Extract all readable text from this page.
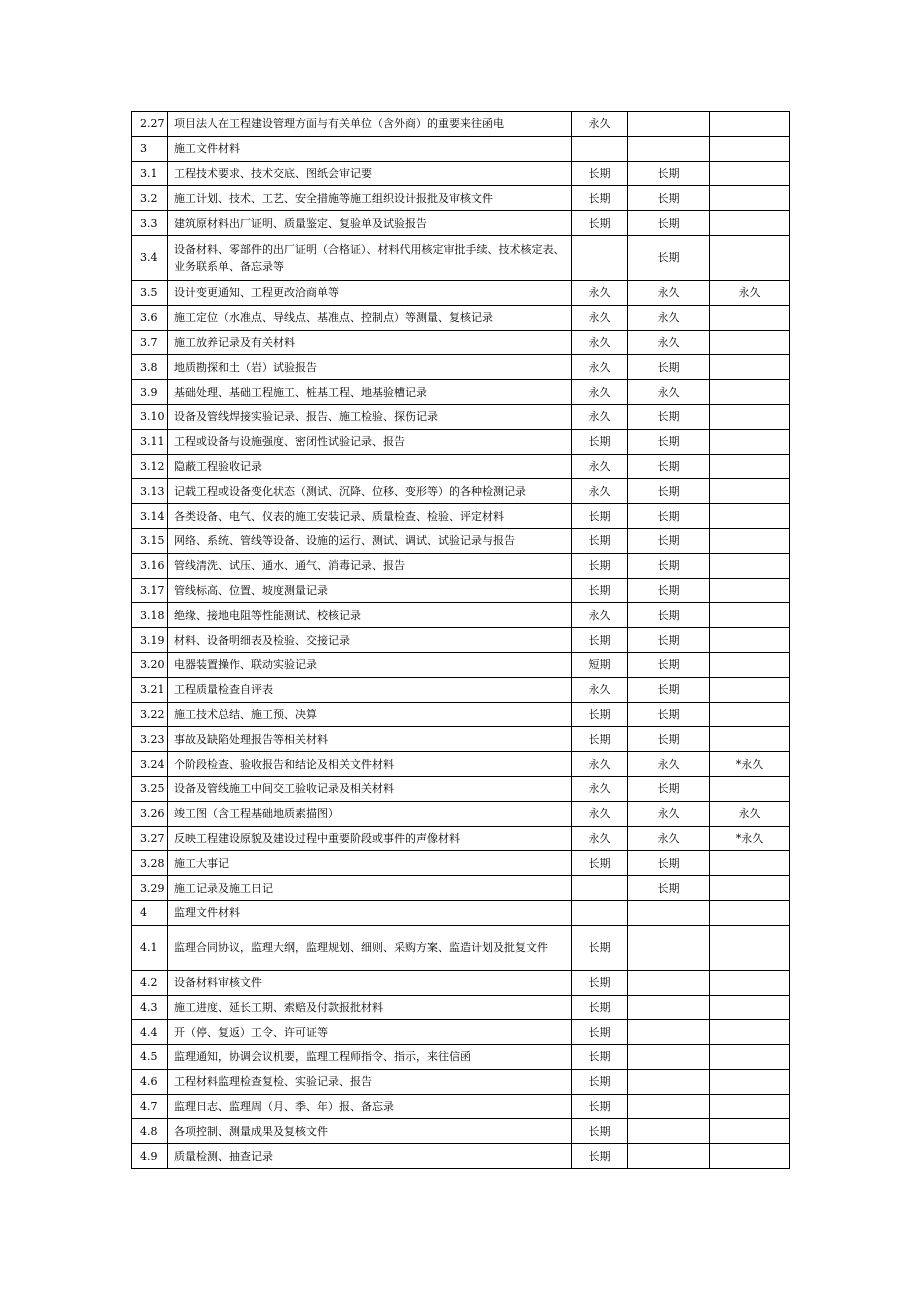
2.27	项目法人在工程建设管理方面与有关单位（含外商）的重要来往函电	永久		
3	施工文件材料			
3.1	工程技术要求、技术交底、图纸会审记要	长期	长期	
3.2	施工计划、技术、工艺、安全措施等施工组织设计报批及审核文件	长期	长期	
3.3	建筑原材料出厂证明、质量鉴定、复验单及试验报告	长期	长期	
3.4	设备材料、零部件的出厂证明（合格证）、材料代用核定审批手续、技术核定表、业务联系单、备忘录等		长期	
3.5	设计变更通知、工程更改洽商单等	永久	永久	永久
3.6	施工定位（水准点、导线点、基准点、控制点）等测量、复核记录	永久	永久	
3.7	施工放养记录及有关材料	永久	永久	
3.8	地质勘探和土（岩）试验报告	永久	长期	
3.9	基础处理、基础工程施工、桩基工程、地基验槽记录	永久	永久	
3.10	设备及管线焊接实验记录、报告、施工检验、探伤记录	永久	长期	
3.11	工程或设备与设施强度、密闭性试验记录、报告	长期	长期	
3.12	隐蔽工程验收记录	永久	长期	
3.13	记载工程或设备变化状态（测试、沉降、位移、变形等）的各种检测记录	永久	长期	
3.14	各类设备、电气、仪表的施工安装记录、质量检查、检验、评定材料	长期	长期	
3.15	网络、系统、管线等设备、设施的运行、测试、调试、试验记录与报告	长期	长期	
3.16	管线清洗、试压、通水、通气、消毒记录、报告	长期	长期	
3.17	管线标高、位置、坡度测量记录	长期	长期	
3.18	绝缘、接地电阻等性能测试、校核记录	永久	长期	
3.19	材料、设备明细表及检验、交接记录	长期	长期	
3.20	电器装置操作、联动实验记录	短期	长期	
3.21	工程质量检查自评表	永久	长期	
3.22	施工技术总结、施工预、决算	长期	长期	
3.23	事故及缺陷处理报告等相关材料	长期	长期	
3.24	个阶段检查、验收报告和结论及相关文件材料	永久	永久	*永久
3.25	设备及管线施工中间交工验收记录及相关材料	永久	长期	
3.26	竣工图（含工程基础地质素描图）	永久	永久	永久
3.27	反映工程建设原貌及建设过程中重要阶段或事件的声像材料	永久	永久	*永久
3.28	施工大事记	长期	长期	
3.29	施工记录及施工日记		长期	
4	监理文件材料			
4.1	监理合同协议，监理大纲，监理规划、细则、采购方案、监造计划及批复文件	长期		
4.2	设备材料审核文件	长期		
4.3	施工进度、延长工期、索赔及付款报批材料	长期		
4.4	开（停、复返）工令、许可证等	长期		
4.5	监理通知，协调会议机要，监理工程师指令、指示，来往信函	长期		
4.6	工程材料监理检查复检、实验记录、报告	长期		
4.7	监理日志、监理周（月、季、年）报、备忘录	长期		
4.8	各项控制、测量成果及复核文件	长期		
4.9	质量检测、抽查记录	长期		
